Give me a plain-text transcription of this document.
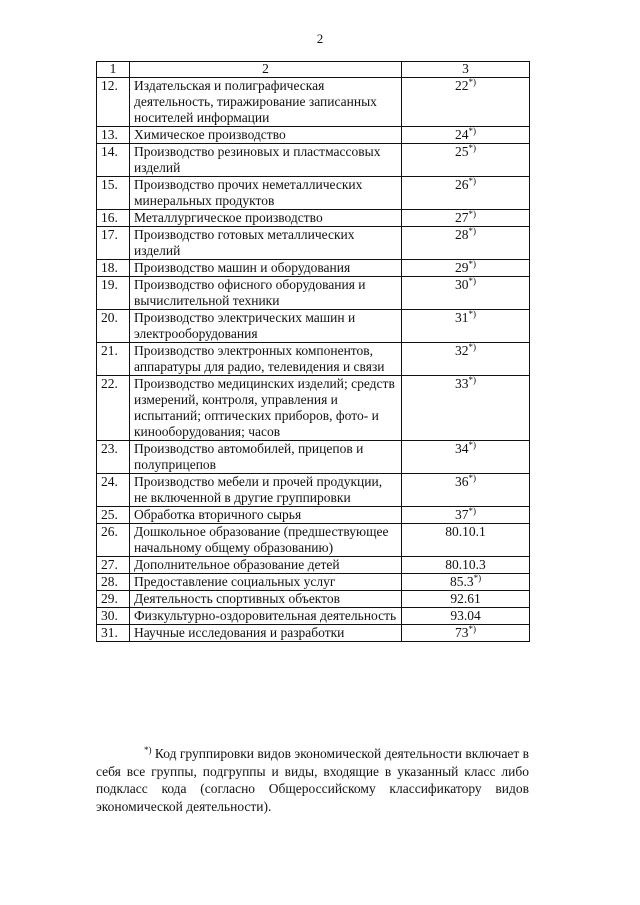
2
1	2	3
12.	Издательская и полиграфическая деятельность, тиражирование записанных носителей информации	22*)
13.	Химическое производство	24*)
14.	Производство резиновых и пластмассовых изделий	25*)
15.	Производство прочих неметаллических минеральных продуктов	26*)
16.	Металлургическое производство	27*)
17.	Производство готовых металлических изделий	28*)
18.	Производство машин и оборудования	29*)
19.	Производство офисного оборудования и вычислительной техники	30*)
20.	Производство электрических машин и электрооборудования	31*)
21.	Производство электронных компонентов, аппаратуры для радио, телевидения и связи	32*)
22.	Производство медицинских изделий; средств измерений, контроля, управления и испытаний; оптических приборов, фото- и кинооборудования; часов	33*)
23.	Производство автомобилей, прицепов и полуприцепов	34*)
24.	Производство мебели и прочей продукции, не включенной в другие группировки	36*)
25.	Обработка вторичного сырья	37*)
26.	Дошкольное образование (предшествующее начальному общему образованию)	80.10.1
27.	Дополнительное образование детей	80.10.3
28.	Предоставление социальных услуг	85.3*)
29.	Деятельность спортивных объектов	92.61
30.	Физкультурно-оздоровительная деятельность	93.04
31.	Научные исследования и разработки	73*)
*) Код группировки видов экономической деятельности включает в себя все группы, подгруппы и виды, входящие в указанный класс либо подкласс кода (согласно Общероссийскому классификатору видов экономической деятельности).
